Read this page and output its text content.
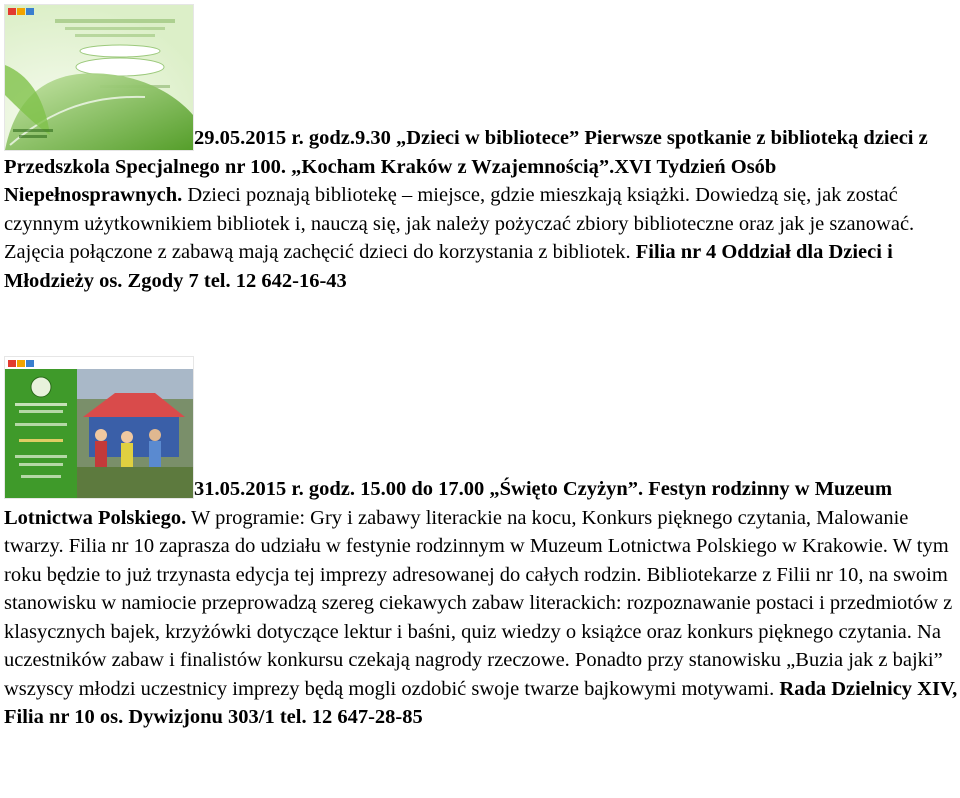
29.05.2015 r. godz.9.30 „Dzieci w bibliotece” Pierwsze spotkanie z biblioteką dzieci z Przedszkola Specjalnego nr 100. „Kocham Kraków z Wzajemnością”.XVI Tydzień Osób Niepełnosprawnych. Dzieci poznają bibliotekę – miejsce, gdzie mieszkają książki. Dowiedzą się, jak zostać czynnym użytkownikiem bibliotek i, nauczą się, jak należy pożyczać zbiory biblioteczne oraz jak je szanować. Zajęcia połączone z zabawą mają zachęcić dzieci do korzystania z bibliotek. Filia nr 4 Oddział dla Dzieci i Młodzieży os. Zgody 7 tel. 12 642-16-43

31.05.2015 r. godz. 15.00 do 17.00 „Święto Czyżyn”. Festyn rodzinny w Muzeum Lotnictwa Polskiego. W programie: Gry i zabawy literackie na kocu, Konkurs pięknego czytania, Malowanie twarzy. Filia nr 10 zaprasza do udziału w festynie rodzinnym w Muzeum Lotnictwa Polskiego w Krakowie. W tym roku będzie to już trzynasta edycja tej imprezy adresowanej do całych rodzin. Bibliotekarze z Filii nr 10, na swoim stanowisku w namiocie przeprowadzą szereg ciekawych zabaw literackich: rozpoznawanie postaci i przedmiotów z klasycznych bajek, krzyżówki dotyczące lektur i baśni, quiz wiedzy o książce oraz konkurs pięknego czytania. Na uczestników zabaw i finalistów konkursu czekają nagrody rzeczowe. Ponadto przy stanowisku „Buzia jak z bajki” wszyscy młodzi uczestnicy imprezy będą mogli ozdobić swoje twarze bajkowymi motywami. Rada Dzielnicy XIV, Filia nr 10 os. Dywizjonu 303/1 tel. 12 647-28-85
